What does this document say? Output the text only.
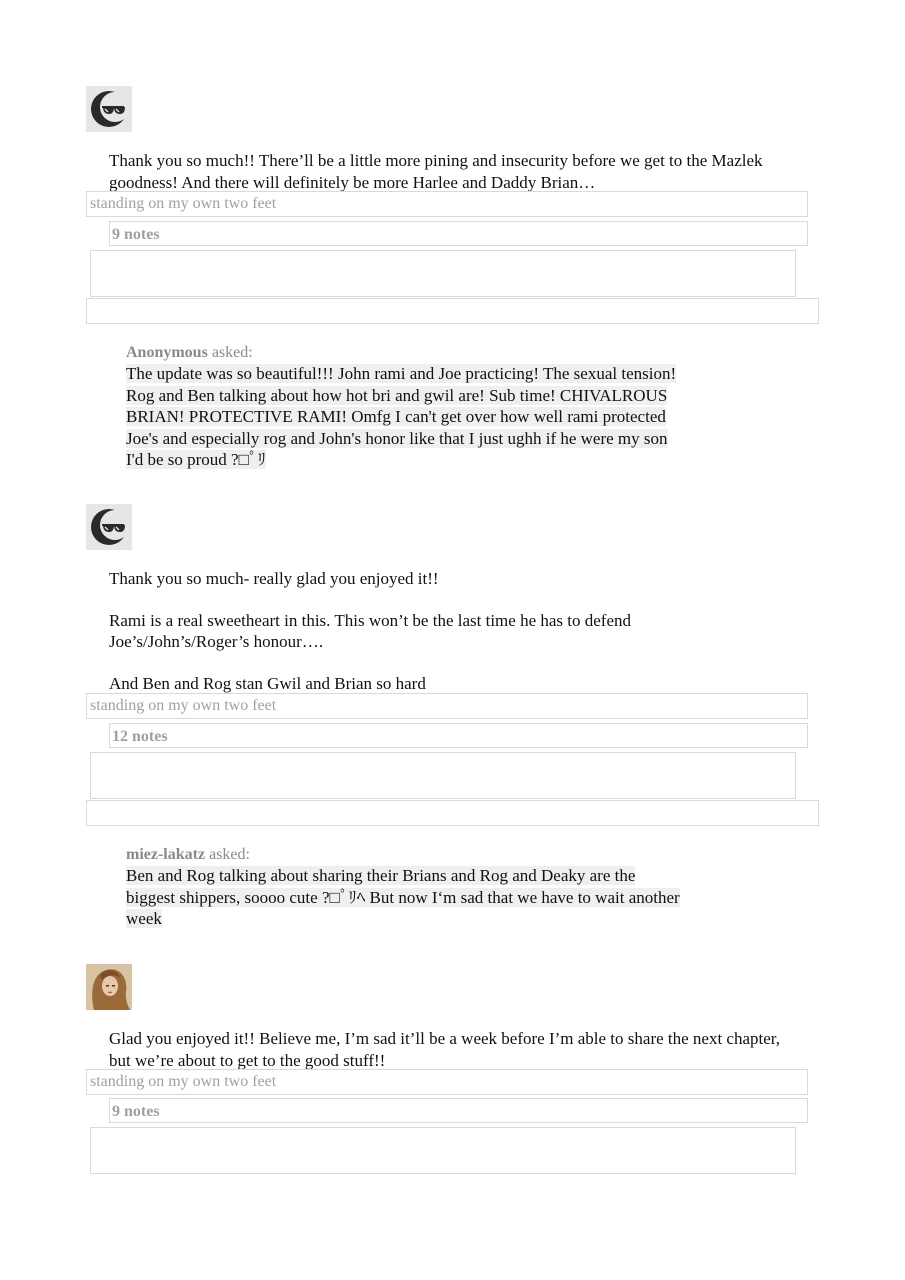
Thank you so much!! There’ll be a little more pining and insecurity before we get to the Mazlek goodness! And there will definitely be more Harlee and Daddy Brian…
standing on my own two feet
9 notes
Anonymous asked:
The update was so beautiful!!! John rami and Joe practicing! The sexual tension! Rog and Ben talking about how hot bri and gwil are! Sub time! CHIVALROUS BRIAN! PROTECTIVE RAMI! Omfg I can't get over how well rami protected Joe's and especially rog and John's honor like that I just ughh if he were my son I'd be so proud ?□ﾟﾘ
Thank you so much- really glad you enjoyed it!!
Rami is a real sweetheart in this. This won’t be the last time he has to defend Joe’s/John’s/Roger’s honour….
And Ben and Rog stan Gwil and Brian so hard
standing on my own two feet
12 notes
miez-lakatz asked:
Ben and Rog talking about sharing their Brians and Rog and Deaky are the biggest shippers, soooo cute ?□ﾟﾘﾍ But now I‘m sad that we have to wait another week
Glad you enjoyed it!! Believe me, I’m sad it’ll be a week before I’m able to share the next chapter, but we’re about to get to the good stuff!!
standing on my own two feet
9 notes
